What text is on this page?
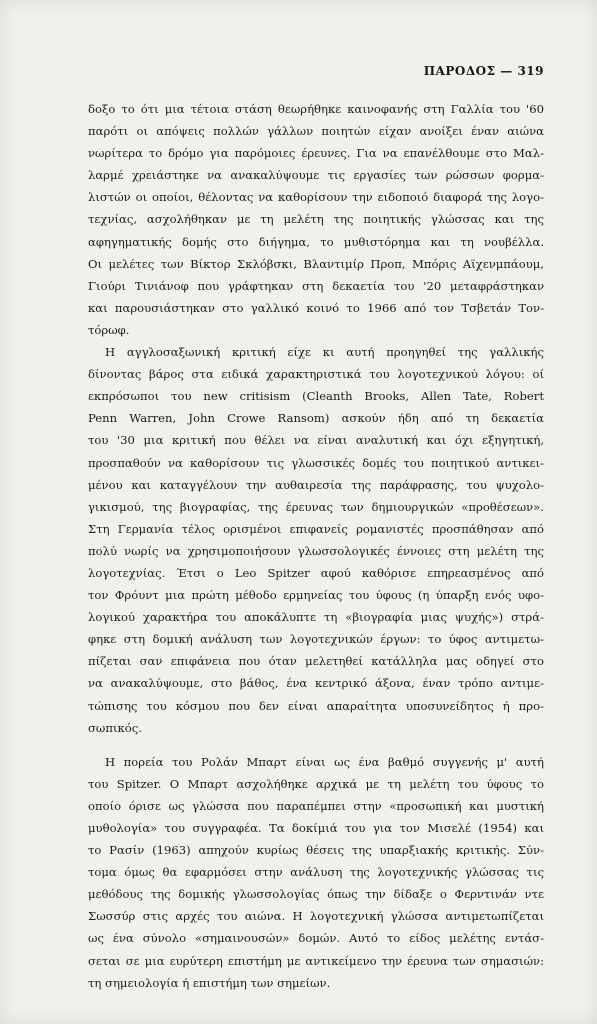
ΠΑΡΟΔΟΣ — 319

δοξο το ότι μια τέτοια στάση θεωρήθηκε καινοφανής στη Γαλλία του '60
παρότι οι απόψεις πολλών γάλλων ποιητών είχαν ανοίξει έναν αιώνα
νωρίτερα το δρόμο για παρόμοιες έρευνες. Για να επανέλθουμε στο Μαλ-
λαρμέ χρειάστηκε να ανακαλύψουμε τις εργασίες των ρώσσων φορμα-
λιστών οι οποίοι, θέλοντας να καθορίσουν την ειδοποιό διαφορά της λογο-
τεχνίας, ασχολήθηκαν με τη μελέτη της ποιητικής γλώσσας και της
αφηγηματικής δομής στο διήγημα, το μυθιστόρημα και τη νουβέλλα.
Οι μελέτες των Βίκτορ Σκλόβσκι, Βλαντιμίρ Προπ, Μπόρις Αϊχενμπάουμ,
Γιούρι Τινιάνοφ που γράφτηκαν στη δεκαετία του '20 μεταφράστηκαν
και παρουσιάστηκαν στο γαλλικό κοινό το 1966 από τον Τσβετάν Τον-
τόρωφ.

Η αγγλοσαξωνική κριτική είχε κι αυτή προηγηθεί της γαλλικής
δίνοντας βάρος στα ειδικά χαρακτηριστικά του λογοτεχνικού λόγου: οί
εκπρόσωποι του new critisism (Cleanth Brooks, Allen Tate, Robert
Penn Warren, John Crowe Ransom) ασκούν ήδη από τη δεκαετία
του '30 μια κριτική που θέλει να είναι αναλυτική και όχι εξηγητική,
προσπαθούν να καθορίσουν τις γλωσσικές δομές του ποιητικού αντικει-
μένου και καταγγέλουν την αυθαιρεσία της παράφρασης, του ψυχολο-
γικισμού, της βιογραφίας, της έρευνας των δημιουργικών «προθέσεων».
Στη Γερμανία τέλος ορισμένοι επιφανείς ρομανιστές προσπάθησαν από
πολύ νωρίς να χρησιμοποιήσουν γλωσσολογικές έννοιες στη μελέτη της
λογοτεχνίας. Έτσι ο Leo Spitzer αφού καθόρισε επηρεασμένος από
τον Φρόυντ μια πρώτη μέθοδο ερμηνείας του ύφους (η ύπαρξη ενός υφο-
λογικού χαρακτήρα του αποκάλυπτε τη «βιογραφία μιας ψυχής») στρά-
φηκε στη δομική ανάλυση των λογοτεχνικών έργων: το ύφος αντιμετω-
πίζεται σαν επιφάνεια που όταν μελετηθεί κατάλληλα μας οδηγεί στο
να ανακαλύψουμε, στο βάθος, ένα κεντρικό άξονα, έναν τρόπο αντιμε-
τώπισης του κόσμου που δεν είναι απαραίτητα υποσυνείδητος ή προ-
σωπικός.

Η πορεία του Ρολάν Μπαρτ είναι ως ένα βαθμό συγγενής μ' αυτή
του Spitzer. Ο Μπαρτ ασχολήθηκε αρχικά με τη μελέτη του ύφους το
οποίο όρισε ως γλώσσα που παραπέμπει στην «προσωπική και μυστική
μυθολογία» του συγγραφέα. Τα δοκίμιά του για τον Μισελέ (1954) και
το Ρασίν (1963) απηχούν κυρίως θέσεις της υπαρξιακής κριτικής. Σύν-
τομα όμως θα εφαρμόσει στην ανάλυση της λογοτεχνικής γλώσσας τις
μεθόδους της δομικής γλωσσολογίας όπως την δίδαξε ο Φερντινάν ντε
Σωσσύρ στις αρχές του αιώνα. Η λογοτεχνική γλώσσα αντιμετωπίζεται
ως ένα σύνολο «σημαινουσών» δομών. Αυτό το είδος μελέτης εντάσ-
σεται σε μια ευρύτερη επιστήμη με αντικείμενο την έρευνα των σημασιών:
τη σημειολογία ή επιστήμη των σημείων.
